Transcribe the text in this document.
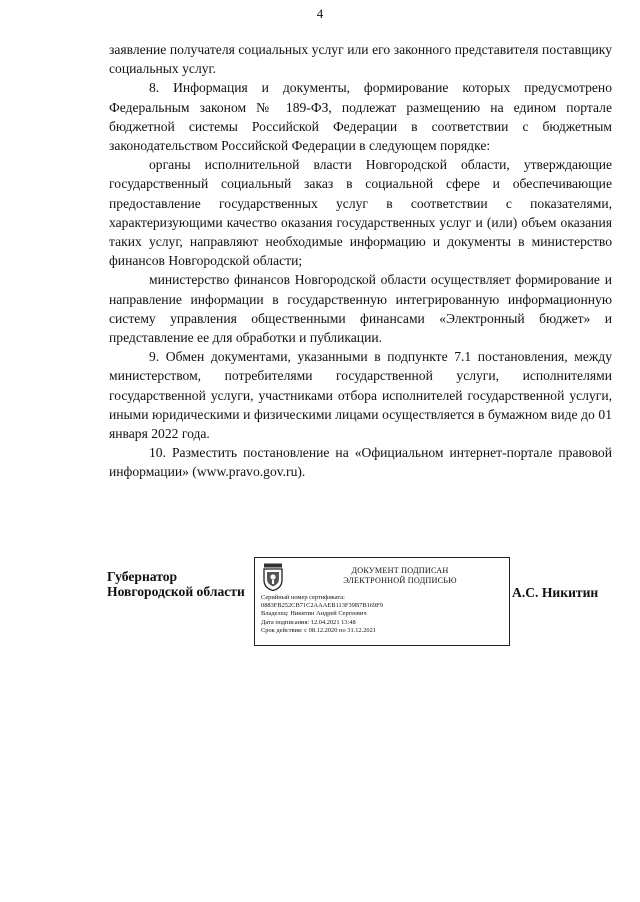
4

заявление получателя социальных услуг или его законного представителя поставщику социальных услуг.

8. Информация и документы, формирование которых предусмотрено Федеральным законом № 189-ФЗ, подлежат размещению на едином портале бюджетной системы Российской Федерации в соответствии с бюджетным законодательством Российской Федерации в следующем порядке:

органы исполнительной власти Новгородской области, утверждающие государственный социальный заказ в социальной сфере и обеспечивающие предоставление государственных услуг в соответствии с показателями, характеризующими качество оказания государственных услуг и (или) объем оказания таких услуг, направляют необходимые информацию и документы в министерство финансов Новгородской области;

министерство финансов Новгородской области осуществляет формирование и направление информации в государственную интегрированную информационную систему управления общественными финансами «Электронный бюджет» и представление ее для обработки и публикации.

9. Обмен документами, указанными в подпункте 7.1 постановления, между министерством, потребителями государственной услуги, исполнителями государственной услуги, участниками отбора исполнителей государственной услуги, иными юридическими и физическими лицами осуществляется в бумажном виде до 01 января 2022 года.

10. Разместить постановление на «Официальном интернет-портале правовой информации» (www.pravo.gov.ru).

Губернатор
Новгородской области
ДОКУМЕНТ ПОДПИСАН
ЭЛЕКТРОННОЙ ПОДПИСЬЮ
Серийный номер сертификата:
0883FB252CB71C2AAAEB113F39B7B169F9
Владелец: Никитин Андрей Сергеевич
Дата подписания: 12.04.2021 13:48
Срок действия: с 08.12.2020 по 31.12.2021
А.С. Никитин
